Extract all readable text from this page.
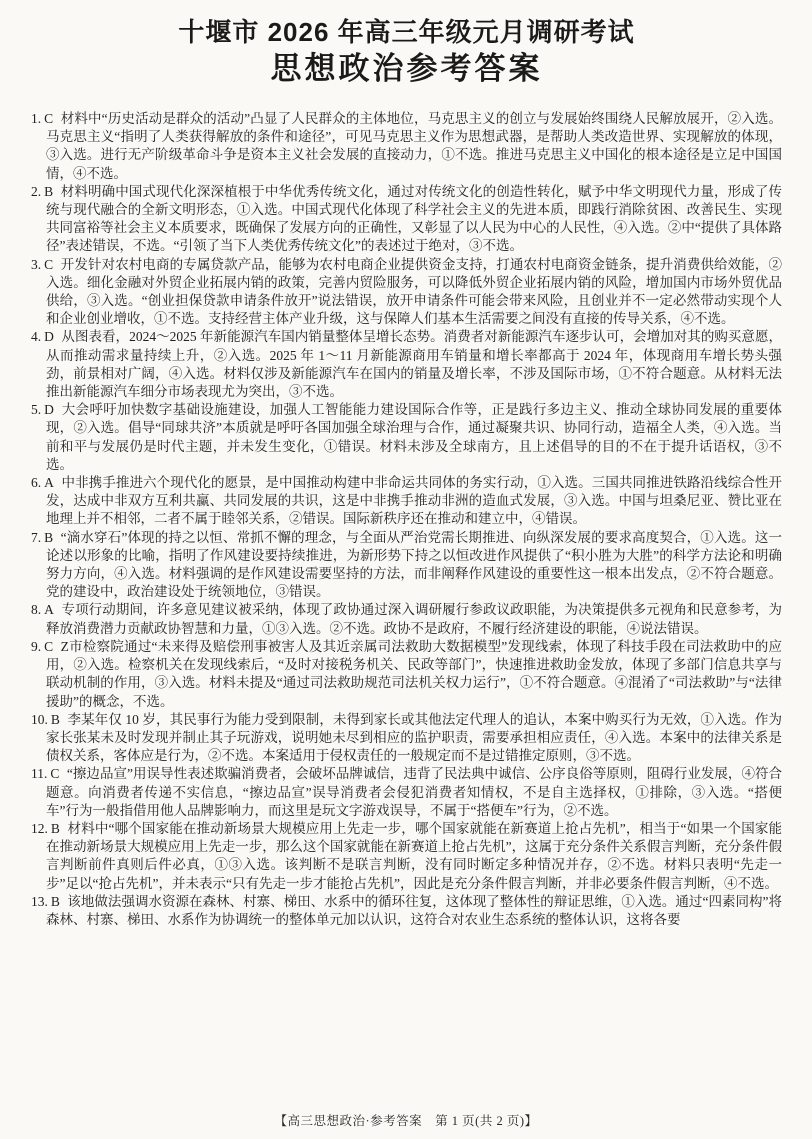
十堰市 2026 年高三年级元月调研考试
思想政治参考答案

1. C 材料中“历史活动是群众的活动”凸显了人民群众的主体地位，马克思主义的创立与发展始终围绕人民解放展开，②入选。马克思主义“指明了人类获得解放的条件和途径”，可见马克思主义作为思想武器，是帮助人类改造世界、实现解放的体现，③入选。进行无产阶级革命斗争是资本主义社会发展的直接动力，①不选。推进马克思主义中国化的根本途径是立足中国国情，④不选。

2. B 材料明确中国式现代化深深植根于中华优秀传统文化，通过对传统文化的创造性转化，赋予中华文明现代力量，形成了传统与现代融合的全新文明形态，①入选。中国式现代化体现了科学社会主义的先进本质，即践行消除贫困、改善民生、实现共同富裕等社会主义本质要求，既确保了发展方向的正确性，又彰显了以人民为中心的人民性，④入选。②中“提供了具体路径”表述错误，不选。“引领了当下人类优秀传统文化”的表述过于绝对，③不选。

3. C 开发针对农村电商的专属贷款产品，能够为农村电商企业提供资金支持，打通农村电商资金链条，提升消费供给效能，②入选。细化金融对外贸企业拓展内销的政策，完善内贸险服务，可以降低外贸企业拓展内销的风险，增加国内市场外贸优品供给，③入选。“创业担保贷款申请条件放开”说法错误，放开申请条件可能会带来风险，且创业并不一定必然带动实现个人和企业创业增收，①不选。支持经营主体产业升级，这与保障人们基本生活需要之间没有直接的传导关系，④不选。

4. D 从图表看，2024～2025 年新能源汽车国内销量整体呈增长态势。消费者对新能源汽车逐步认可，会增加对其的购买意愿，从而推动需求量持续上升，②入选。2025 年 1～11 月新能源商用车销量和增长率都高于 2024 年，体现商用车增长势头强劲，前景相对广阔，④入选。材料仅涉及新能源汽车在国内的销量及增长率，不涉及国际市场，①不符合题意。从材料无法推出新能源汽车细分市场表现尤为突出，③不选。

5. D 大会呼吁加快数字基础设施建设，加强人工智能能力建设国际合作等，正是践行多边主义、推动全球协同发展的重要体现，②入选。倡导“同球共济”本质就是呼吁各国加强全球治理与合作，通过凝聚共识、协同行动，造福全人类，④入选。当前和平与发展仍是时代主题，并未发生变化，①错误。材料未涉及全球南方，且上述倡导的目的不在于提升话语权，③不选。

6. A 中非携手推进六个现代化的愿景，是中国推动构建中非命运共同体的务实行动，①入选。三国共同推进铁路沿线综合性开发，达成中非双方互利共赢、共同发展的共识，这是中非携手推动非洲的造血式发展，③入选。中国与坦桑尼亚、赞比亚在地理上并不相邻，二者不属于睦邻关系，②错误。国际新秩序还在推动和建立中，④错误。

7. B “滴水穿石”体现的持之以恒、常抓不懈的理念，与全面从严治党需长期推进、向纵深发展的要求高度契合，①入选。这一论述以形象的比喻，指明了作风建设要持续推进，为新形势下持之以恒改进作风提供了“积小胜为大胜”的科学方法论和明确努力方向，④入选。材料强调的是作风建设需要坚持的方法，而非阐释作风建设的重要性这一根本出发点，②不符合题意。党的建设中，政治建设处于统领地位，③错误。

8. A 专项行动期间，许多意见建议被采纳，体现了政协通过深入调研履行参政议政职能，为决策提供多元视角和民意参考，为释放消费潜力贡献政协智慧和力量，①③入选。②不选。政协不是政府，不履行经济建设的职能，④说法错误。

9. C Z市检察院通过“未来得及赔偿刑事被害人及其近亲属司法救助大数据模型”发现线索，体现了科技手段在司法救助中的应用，②入选。检察机关在发现线索后，“及时对接税务机关、民政等部门”，快速推进救助金发放，体现了多部门信息共享与联动机制的作用，③入选。材料未提及“通过司法救助规范司法机关权力运行”，①不符合题意。④混淆了“司法救助”与“法律援助”的概念，不选。

10. B 李某年仅 10 岁，其民事行为能力受到限制，未得到家长或其他法定代理人的追认，本案中购买行为无效，①入选。作为家长张某未及时发现并制止其子玩游戏，说明她未尽到相应的监护职责，需要承担相应责任，④入选。本案中的法律关系是债权关系，客体应是行为，②不选。本案适用于侵权责任的一般规定而不是过错推定原则，③不选。

11. C “擦边品宣”用误导性表述欺骗消费者，会破坏品牌诚信，违背了民法典中诚信、公序良俗等原则，阻碍行业发展，④符合题意。向消费者传递不实信息，“擦边品宣”误导消费者会侵犯消费者知情权，不是自主选择权，①排除，③入选。“搭便车”行为一般指借用他人品牌影响力，而这里是玩文字游戏误导，不属于“搭便车”行为，②不选。

12. B 材料中“哪个国家能在推动新场景大规模应用上先走一步，哪个国家就能在新赛道上抢占先机”，相当于“如果一个国家能在推动新场景大规模应用上先走一步，那么这个国家就能在新赛道上抢占先机”，这属于充分条件关系假言判断，充分条件假言判断前件真则后件必真，①③入选。该判断不是联言判断，没有同时断定多种情况并存，②不选。材料只表明“先走一步”足以“抢占先机”，并未表示“只有先走一步才能抢占先机”，因此是充分条件假言判断，并非必要条件假言判断，④不选。

13. B 该地做法强调水资源在森林、村寨、梯田、水系中的循环往复，这体现了整体性的辩证思维，①入选。通过“四素同构”将森林、村寨、梯田、水系作为协调统一的整体单元加以认识，这符合对农业生态系统的整体认识，这将各要

【高三思想政治·参考答案　第 1 页(共 2 页)】
